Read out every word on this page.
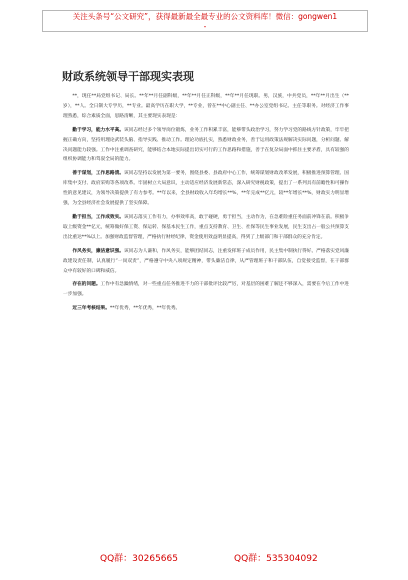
关注头条号“公文研究”，获得最新最全最专业的公文资料库！微信：gongwen1
-
财政系统领导干部现实表现

**，现任**局党组书记、局长。**年**月任副科级，**年**月任正科级，**年**月任现职。男，汉族，中共党员，**年**月出生（**岁），**人。全日制大专学历，**专业。最高学历在职大学，**专业，曾在**中心副主任、**办公室党组书记、主任等职务。对经济工作事理熟悉，综合素质全面，思路清晰，其主要现实表现是：

勤于学习，能力水平高。该同志经过多个领导岗位锻炼，业务工作积累丰富，能够带头政治学习，努力学习党的路线方针政策，牢牢把握正确方向，坚持用理论武装头脑、指导实践、推动工作。理论功底扎实，熟悉财政业务，善于运用政策法规解决实际问题，分析问题、解决问题能力较强。工作中注重调查研究，能够结合本地实际提出切实可行的工作思路和措施，善于在复杂局面中抓住主要矛盾，具有较强的组织协调能力和驾驭全局的能力。

善于谋划，工作思路清。该同志坚持以发展为第一要务，围绕县委、县政府中心工作，统筹谋划财政改革发展，积极推进预算管理、国库集中支付、政府采购等各项改革。牢固树立大局意识，主动适应经济发展新常态，深入研究财税政策，提出了一系列具有前瞻性和可操作性的意见建议，为领导决策提供了有力参考。**年以来，全县财政收入年均增长**%，**年完成**亿元，较**年增长**%，财政实力明显增强，为全县经济社会发展提供了坚实保障。

勤于担当，工作成效实。该同志落实工作有力，办事效率高，敢于碰硬，勇于担当，主动作为，在急难险重任务面前冲锋在前。积极争取上级资金**亿元，统筹做好保工资、保运转、保基本民生工作，重点支持教育、卫生、社保等民生事业发展，民生支出占一般公共预算支出比重达**%以上。加强财政监督管理，严格执行财经纪律，资金使用效益明显提高，得到了上级部门和干部群众的充分肯定。

作风务实，廉洁意识强。该同志为人谦和，作风务实，能够团结同志，注重发挥班子成员作用，民主集中制执行得好。严格落实党风廉政建设责任制，认真履行“一岗双责”，严格遵守中央八项规定精神，带头廉洁自律，从严管理班子和干部队伍，自觉接受监督，在干部群众中有较好的口碑和威信。

存在的问题。工作中有急躁情绪，对一些重点任务推进不力的干部批评比较严厉，对基层的困难了解还不够深入，需要在今后工作中进一步加强。

近三年考核结果。**年优秀，**年优秀，**年优秀。

QQ群：30265665	QQ群：535304092
